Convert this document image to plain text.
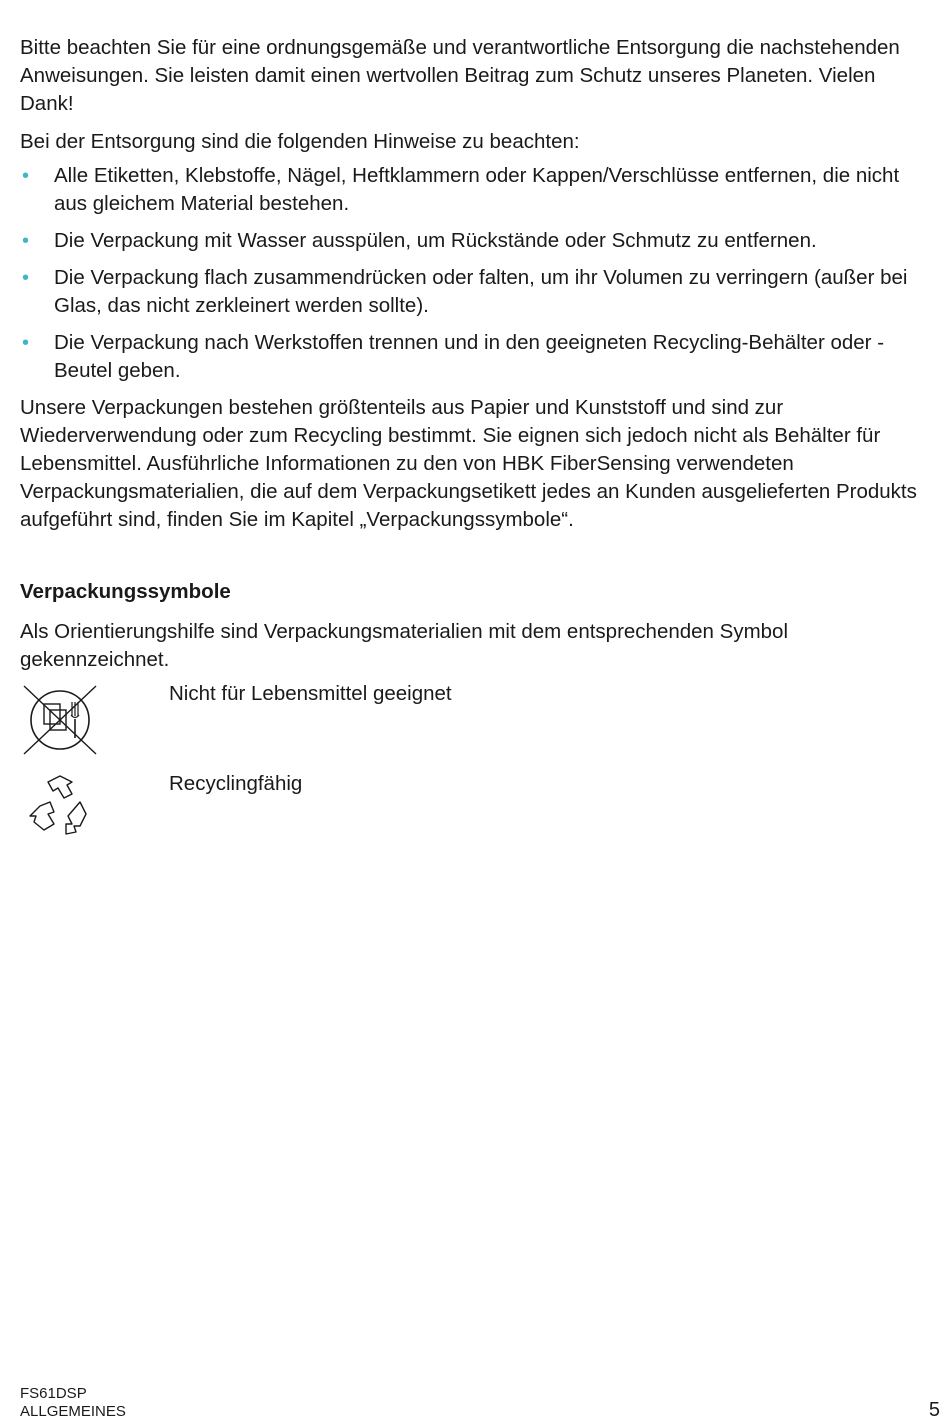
Bitte beachten Sie für eine ordnungsgemäße und verantwortliche Entsorgung die nachstehenden Anweisungen. Sie leisten damit einen wertvollen Beitrag zum Schutz unseres Planeten. Vielen Dank!

Bei der Entsorgung sind die folgenden Hinweise zu beachten:

• Alle Etiketten, Klebstoffe, Nägel, Heftklammern oder Kappen/Verschlüsse entfernen, die nicht aus gleichem Material bestehen.
• Die Verpackung mit Wasser ausspülen, um Rückstände oder Schmutz zu entfernen.
• Die Verpackung flach zusammendrücken oder falten, um ihr Volumen zu verringern (außer bei Glas, das nicht zerkleinert werden sollte).
• Die Verpackung nach Werkstoffen trennen und in den geeigneten Recycling-Behälter oder -Beutel geben.

Unsere Verpackungen bestehen größtenteils aus Papier und Kunststoff und sind zur Wiederverwendung oder zum Recycling bestimmt. Sie eignen sich jedoch nicht als Behälter für Lebensmittel. Ausführliche Informationen zu den von HBK FiberSensing verwendeten Verpackungsmaterialien, die auf dem Verpackungsetikett jedes an Kunden ausgelieferten Produkts aufgeführt sind, finden Sie im Kapitel „Verpackungssymbole“.

Verpackungssymbole

Als Orientierungshilfe sind Verpackungsmaterialien mit dem entsprechenden Symbol gekennzeichnet.

Nicht für Lebensmittel geeignet
Recyclingfähig
FS61DSP
ALLGEMEINES	5
